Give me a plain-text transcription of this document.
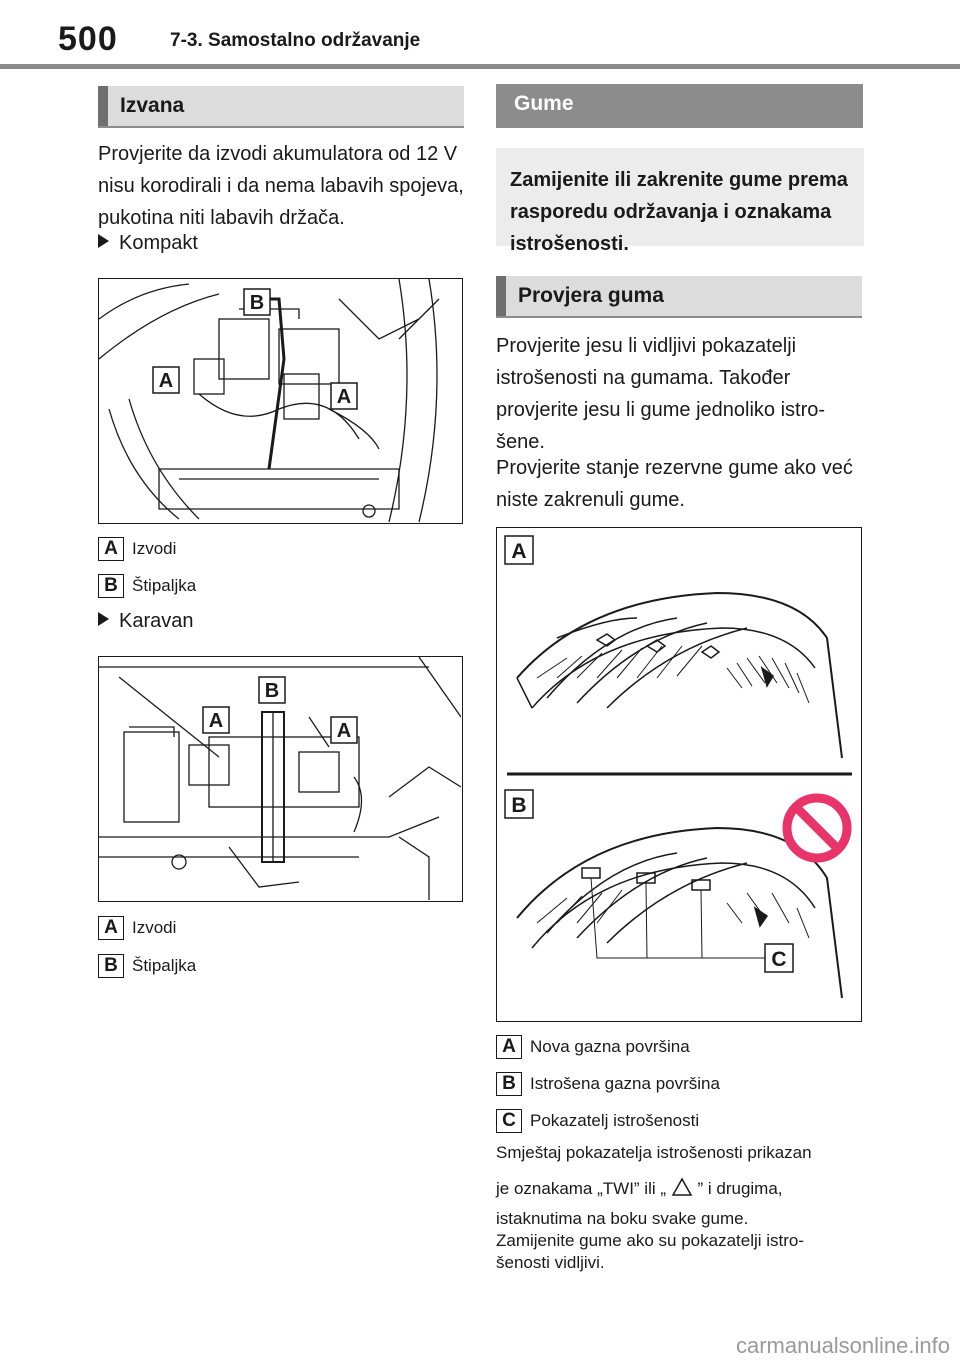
500	7-3. Samostalno održavanje
Izvana
Provjerite da izvodi akumulatora od 12 V nisu korodirali i da nema labavih spojeva, pukotina niti labavih držača.
Kompakt
B
A
A
A Izvodi
B Štipaljka
Karavan
B
A	A
A Izvodi
B Štipaljka
Gume
Zamijenite ili zakrenite gume prema rasporedu održavanja i oznakama istrošenosti.
Provjera guma
Provjerite jesu li vidljivi pokazatelji istrošenosti na gumama. Također provjerite jesu li gume jednoliko istro-šene.
Provjerite stanje rezervne gume ako već niste zakrenuli gume.
A
B
C
A Nova gazna površina
B Istrošena gazna površina
C Pokazatelj istrošenosti
Smještaj pokazatelja istrošenosti prikazan
je oznakama „TWI” ili „ ” i drugima,
istaknutima na boku svake gume.
Zamijenite gume ako su pokazatelji istro-
šenosti vidljivi.
carmanualsonline.info
